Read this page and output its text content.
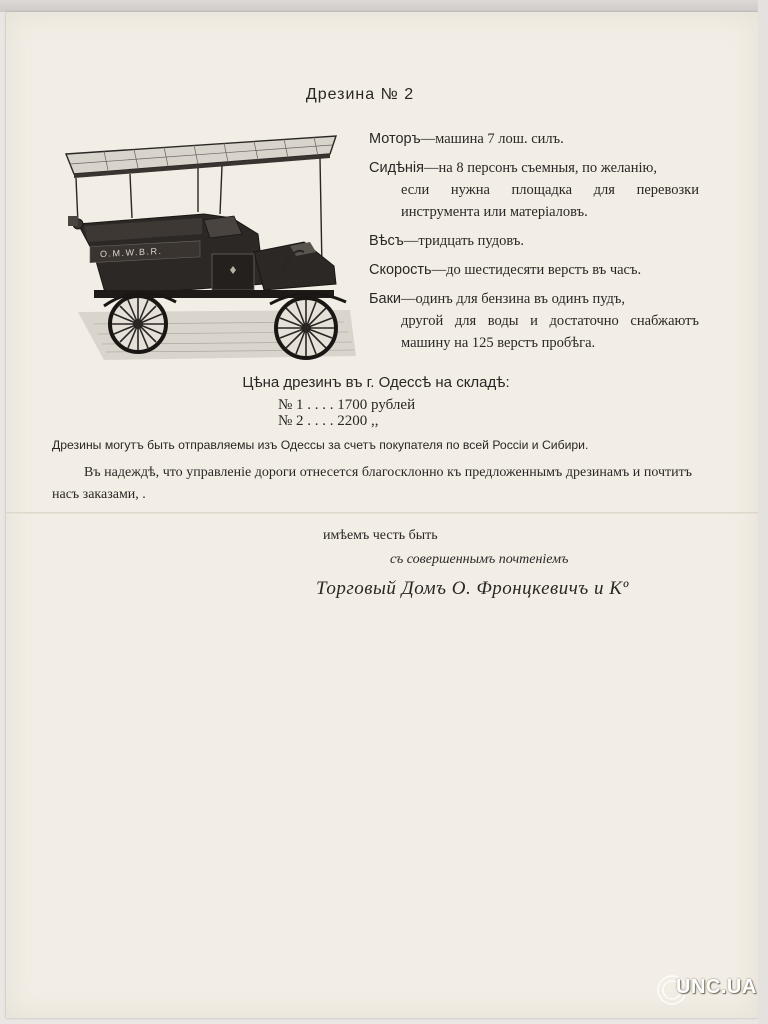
Дрезина № 2
O.M.W.B.R.
Моторъ—машина 7 лош. силъ.
Сидѣнія—на 8 персонъ съемныя, по желанію,
если нужна площадка для перевозки инструмента или матеріаловъ.
Вѣсъ—тридцать пудовъ.
Скорость—до шестидесяти верстъ въ часъ.
Баки—одинъ для бензина въ одинъ пудъ,
другой для воды и достаточно снабжаютъ машину на 125 верстъ пробѣга.
Цѣна дрезинъ въ г. Одессѣ на складѣ:
№ 1 . . . . 1700 рублей
№ 2 . . . . 2200 ,,
Дрезины могутъ быть отправляемы изъ Одессы за счетъ покупателя по всей Россіи и Сибири.
Въ надеждѣ, что управленіе дороги отнесется благосклонно къ предложеннымъ дрезинамъ и почтитъ насъ заказами, .
имѣемъ честь быть
съ совершеннымъ почтеніемъ
Торговый Домъ О. Фронцкевичъ и Кº
UNC.UA
